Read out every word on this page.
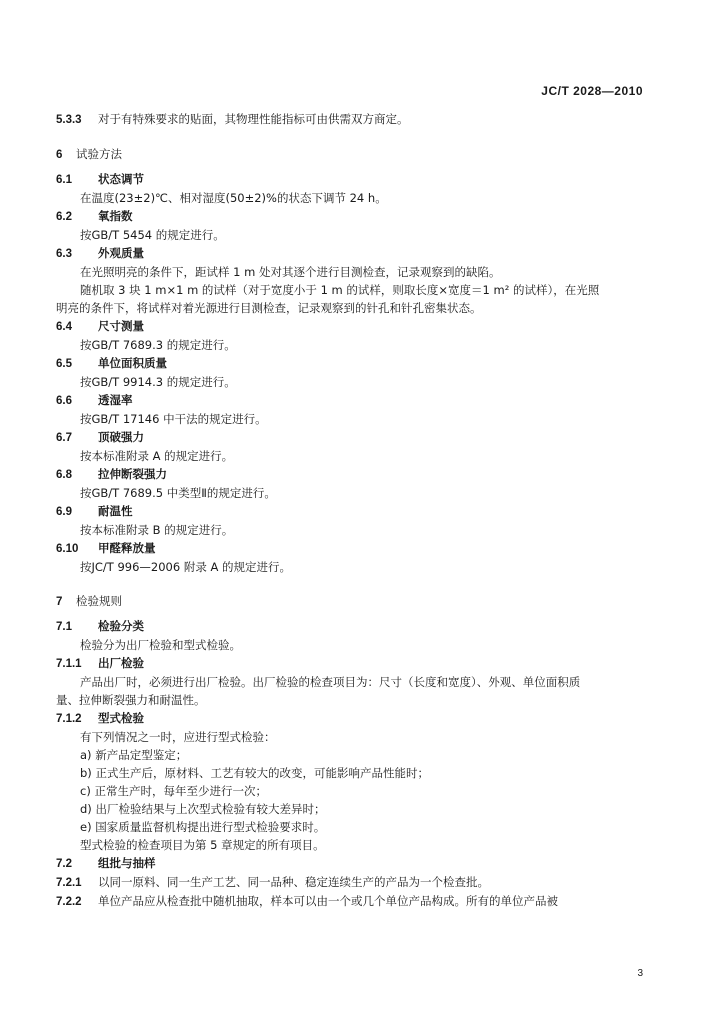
JC/T 2028—2010
5.3.3 对于有特殊要求的贴面，其物理性能指标可由供需双方商定。
6 试验方法
6.1 状态调节
在温度(23±2)℃、相对湿度(50±2)%的状态下调节 24 h。
6.2 氧指数
按GB/T 5454 的规定进行。
6.3 外观质量
在光照明亮的条件下，距试样 1 m 处对其逐个进行目测检查，记录观察到的缺陷。
随机取 3 块 1 m×1 m 的试样（对于宽度小于 1 m 的试样，则取长度×宽度＝1 m² 的试样），在光照
明亮的条件下，将试样对着光源进行目测检查，记录观察到的针孔和针孔密集状态。
6.4 尺寸测量
按GB/T 7689.3 的规定进行。
6.5 单位面积质量
按GB/T 9914.3 的规定进行。
6.6 透湿率
按GB/T 17146 中干法的规定进行。
6.7 顶破强力
按本标准附录 A 的规定进行。
6.8 拉伸断裂强力
按GB/T 7689.5 中类型Ⅱ的规定进行。
6.9 耐温性
按本标准附录 B 的规定进行。
6.10 甲醛释放量
按JC/T 996—2006 附录 A 的规定进行。
7 检验规则
7.1 检验分类
检验分为出厂检验和型式检验。
7.1.1 出厂检验
产品出厂时，必须进行出厂检验。出厂检验的检查项目为：尺寸（长度和宽度）、外观、单位面积质
量、拉伸断裂强力和耐温性。
7.1.2 型式检验
有下列情况之一时，应进行型式检验：
a) 新产品定型鉴定；
b) 正式生产后，原材料、工艺有较大的改变，可能影响产品性能时；
c) 正常生产时，每年至少进行一次；
d) 出厂检验结果与上次型式检验有较大差异时；
e) 国家质量监督机构提出进行型式检验要求时。
型式检验的检查项目为第 5 章规定的所有项目。
7.2 组批与抽样
7.2.1 以同一原料、同一生产工艺、同一品种、稳定连续生产的产品为一个检查批。
7.2.2 单位产品应从检查批中随机抽取，样本可以由一个或几个单位产品构成。所有的单位产品被
3
